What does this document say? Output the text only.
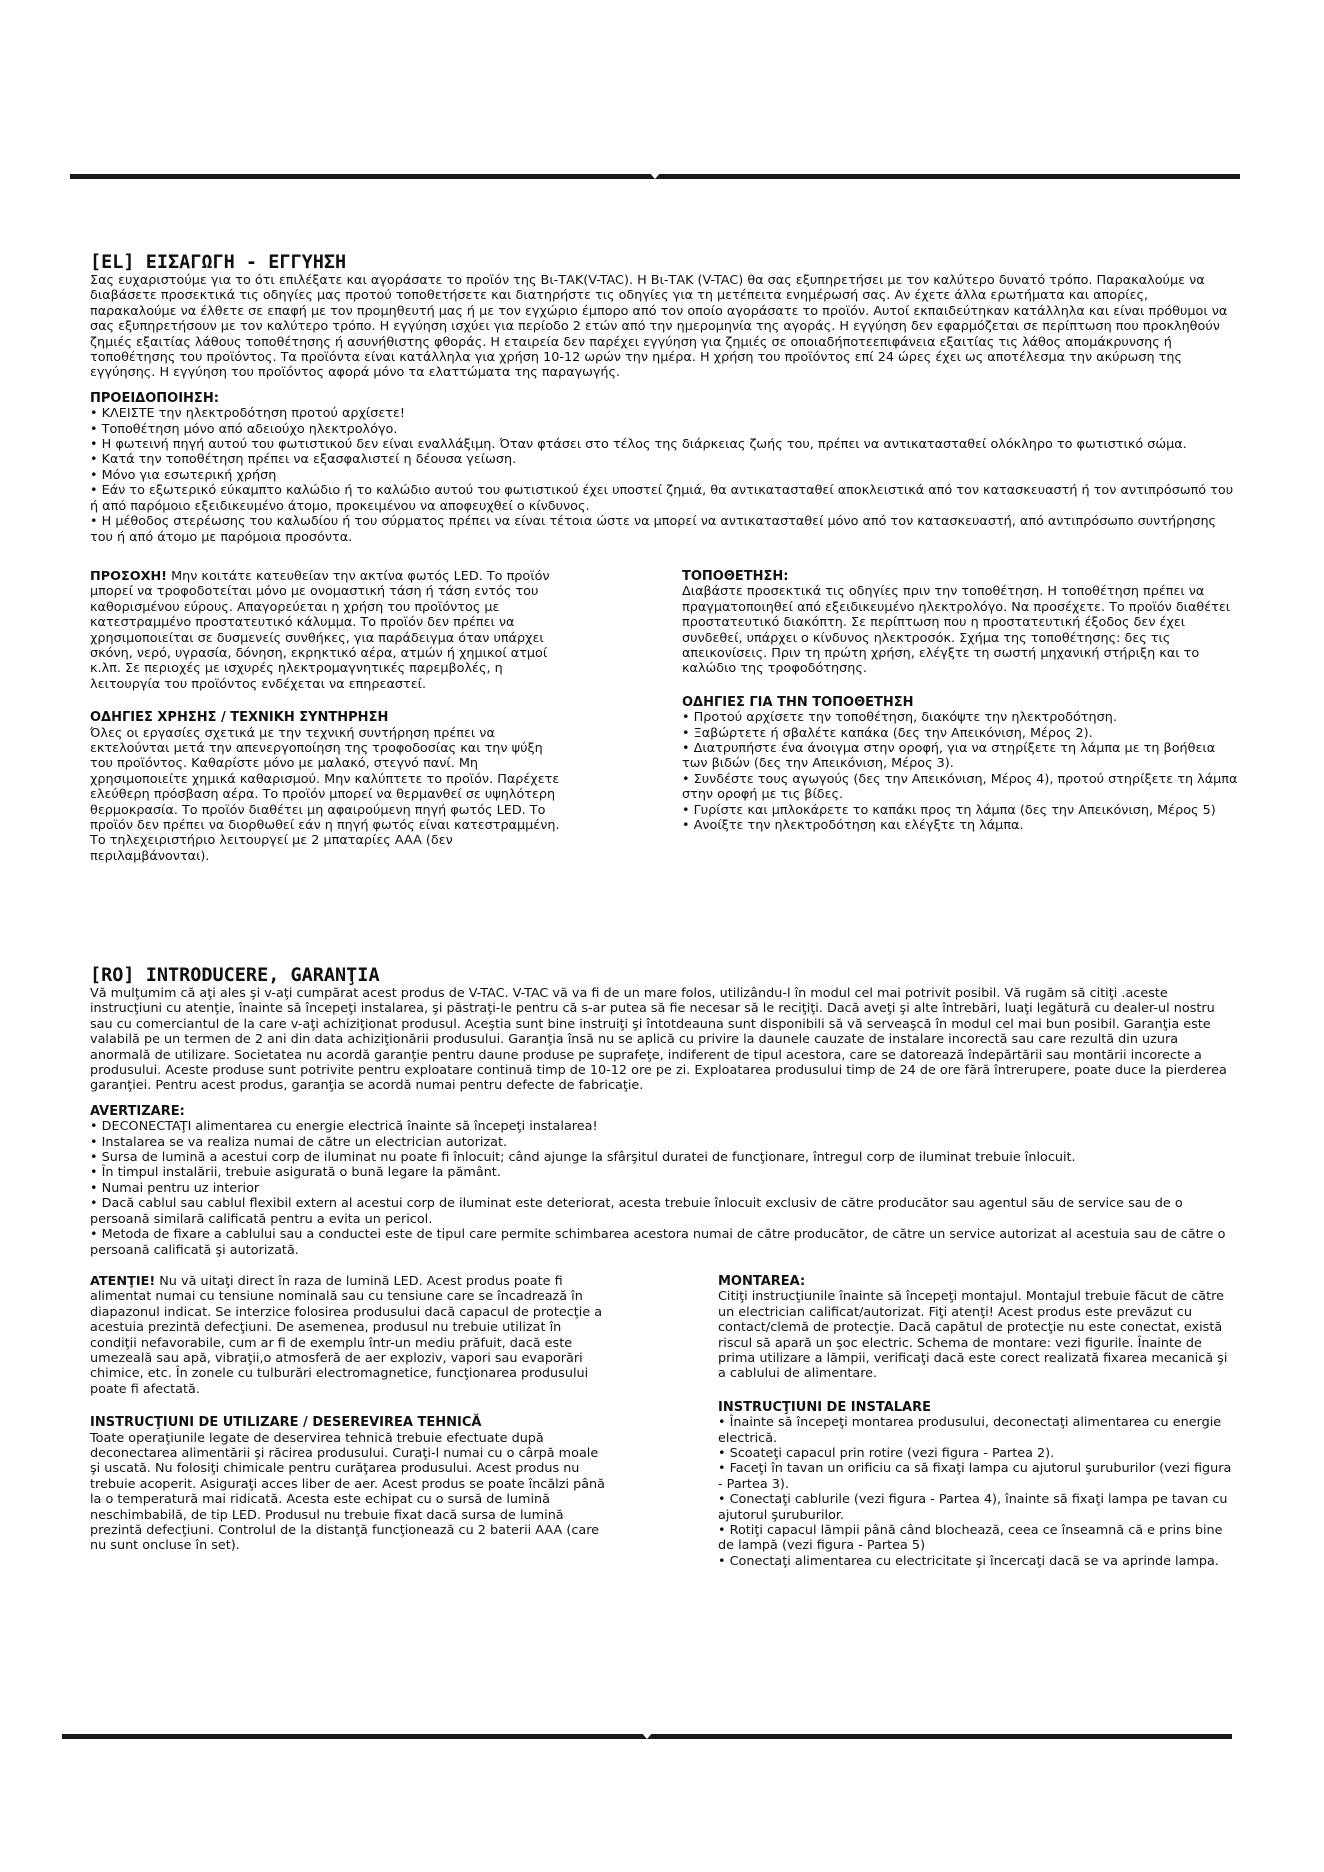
[EL] ΕΙΣΑΓΩΓΗ - ΕΓΓΥΗΣΗ

Σας ευχαριστούμε για το ότι επιλέξατε και αγοράσατε το προϊόν της Βι-ΤΑΚ(V-TAC). Η Βι-ΤΑΚ (V-TAC) θα σας εξυπηρετήσει με τον καλύτερο δυνατό τρόπο. Παρακαλούμε να διαβάσετε προσεκτικά τις οδηγίες μας προτού τοποθετήσετε και διατηρήστε τις οδηγίες για τη μετέπειτα ενημέρωσή σας. Αν έχετε άλλα ερωτήματα και απορίες, παρακαλούμε να έλθετε σε επαφή με τον προμηθευτή μας ή με τον εγχώριο έμπορο από τον οποίο αγοράσατε το προϊόν. Αυτοί εκπαιδεύτηκαν κατάλληλα και είναι πρόθυμοι να σας εξυπηρετήσουν με τον καλύτερο τρόπο. Η εγγύηση ισχύει για περίοδο 2 ετών από την ημερομηνία της αγοράς. Η εγγύηση δεν εφαρμόζεται σε περίπτωση που προκληθούν ζημιές εξαιτίας λάθους τοποθέτησης ή ασυνήθιστης φθοράς. Η εταιρεία δεν παρέχει εγγύηση για ζημιές σε οποιαδήποτεεπιφάνεια εξαιτίας τις λάθος απομάκρυνσης ή τοποθέτησης του προϊόντος. Τα προϊόντα είναι κατάλληλα για χρήση 10-12 ωρών την ημέρα. Η χρήση του προϊόντος επί 24 ώρες έχει ως αποτέλεσμα την ακύρωση της εγγύησης. Η εγγύηση του προϊόντος αφορά μόνο τα ελαττώματα της παραγωγής.

ΠΡΟΕΙΔΟΠΟΙΗΣΗ:

• ΚΛΕΙΣΤΕ την ηλεκτροδότηση προτού αρχίσετε!

• Τοποθέτηση μόνο από αδειούχο ηλεκτρολόγο.

• Η φωτεινή πηγή αυτού του φωτιστικού δεν είναι εναλλάξιμη. Όταν φτάσει στο τέλος της διάρκειας ζωής του, πρέπει να αντικατασταθεί ολόκληρο το φωτιστικό σώμα.

• Κατά την τοποθέτηση πρέπει να εξασφαλιστεί η δέουσα γείωση.

• Μόνο για εσωτερική χρήση

• Εάν το εξωτερικό εύκαμπτο καλώδιο ή το καλώδιο αυτού του φωτιστικού έχει υποστεί ζημιά, θα αντικατασταθεί αποκλειστικά από τον κατασκευαστή ή τον αντιπρόσωπό του ή από παρόμοιο εξειδικευμένο άτομο, προκειμένου να αποφευχθεί ο κίνδυνος.

• Η μέθοδος στερέωσης του καλωδίου ή του σύρματος πρέπει να είναι τέτοια ώστε να μπορεί να αντικατασταθεί μόνο από τον κατασκευαστή, από αντιπρόσωπο συντήρησης του ή από άτομο με παρόμοια προσόντα.

ΠΡΟΣΟΧΗ! Μην κοιτάτε κατευθείαν την ακτίνα φωτός LED. Το προϊόν μπορεί να τροφοδοτείται μόνο με ονομαστική τάση ή τάση εντός του καθορισμένου εύρους. Απαγορεύεται η χρήση του προϊόντος με κατεστραμμένο προστατευτικό κάλυμμα. Το προϊόν δεν πρέπει να χρησιμοποιείται σε δυσμενείς συνθήκες, για παράδειγμα όταν υπάρχει σκόνη, νερό, υγρασία, δόνηση, εκρηκτικό αέρα, ατμών ή χημικοί ατμοί κ.λπ. Σε περιοχές με ισχυρές ηλεκτρομαγνητικές παρεμβολές, η λειτουργία του προϊόντος ενδέχεται να επηρεαστεί.

ΟΔΗΓΙΕΣ ΧΡΗΣΗΣ / ΤΕΧΝΙΚΗ ΣΥΝΤΗΡΗΣΗ

Όλες οι εργασίες σχετικά με την τεχνική συντήρηση πρέπει να εκτελούνται μετά την απενεργοποίηση της τροφοδοσίας και την ψύξη του προϊόντος. Καθαρίστε μόνο με μαλακό, στεγνό πανί. Μη χρησιμοποιείτε χημικά καθαρισμού. Μην καλύπτετε το προϊόν. Παρέχετε ελεύθερη πρόσβαση αέρα. Το προϊόν μπορεί να θερμανθεί σε υψηλότερη θερμοκρασία. Το προϊόν διαθέτει μη αφαιρούμενη πηγή φωτός LED. Το προϊόν δεν πρέπει να διορθωθεί εάν η πηγή φωτός είναι κατεστραμμένη. Το τηλεχειριστήριο λειτουργεί με 2 μπαταρίες AAA (δεν περιλαμβάνονται).

ΤΟΠΟΘΕΤΗΣΗ:

Διαβάστε προσεκτικά τις οδηγίες πριν την τοποθέτηση. Η τοποθέτηση πρέπει να πραγματοποιηθεί από εξειδικευμένο ηλεκτρολόγο. Να προσέχετε. Το προϊόν διαθέτει προστατευτικό διακόπτη. Σε περίπτωση που η προστατευτική έξοδος δεν έχει συνδεθεί, υπάρχει ο κίνδυνος ηλεκτροσόκ. Σχήμα της τοποθέτησης: δες τις απεικονίσεις. Πριν τη πρώτη χρήση, ελέγξτε τη σωστή μηχανική στήριξη και το καλώδιο της τροφοδότησης.

ΟΔΗΓΙΕΣ ΓΙΑ ΤΗΝ ΤΟΠΟΘΕΤΗΣΗ

• Προτού αρχίσετε την τοποθέτηση, διακόψτε την ηλεκτροδότηση.

• Ξαβώρτετε ή σβαλέτε καπάκα (δες την Απεικόνιση, Μέρος 2).

• Διατρυπήστε ένα άνοιγμα στην οροφή, για να στηρίξετε τη λάμπα με τη βοήθεια των βιδών (δες την Απεικόνιση, Μέρος 3).

• Συνδέστε τους αγωγούς (δες την Απεικόνιση, Μέρος 4), προτού στηρίξετε τη λάμπα στην οροφή με τις βίδες.

• Γυρίστε και μπλοκάρετε το καπάκι προς τη λάμπα (δες την Απεικόνιση, Μέρος 5)

• Ανοίξτε την ηλεκτροδότηση και ελέγξτε τη λάμπα.

[RO] INTRODUCERE, GARANŢIA

Vă mulţumim că aţi ales şi v-aţi cumpărat acest produs de V-TAC. V-TAC vă va fi de un mare folos, utilizându-l în modul cel mai potrivit posibil. Vă rugăm să citiţi .aceste instrucţiuni cu atenţie, înainte să începeţi instalarea, şi păstraţi-le pentru că s-ar putea să fie necesar să le reciţiţi. Dacă aveţi şi alte întrebări, luaţi legătură cu dealer-ul nostru sau cu comerciantul de la care v-aţi achiziţionat produsul. Aceştia sunt bine instruiţi şi întotdeauna sunt disponibili să vă serveaşcă în modul cel mai bun posibil. Garanţia este valabilă pe un termen de 2 ani din data achiziţionării produsului. Garanţia însă nu se aplică cu privire la daunele cauzate de instalare incorectă sau care rezultă din uzura anormală de utilizare. Societatea nu acordă garanţie pentru daune produse pe suprafeţe, indiferent de tipul acestora, care se datorează îndepărtării sau montării incorecte a produsului. Aceste produse sunt potrivite pentru exploatare continuă timp de 10-12 ore pe zi. Exploatarea produsului timp de 24 de ore fără întrerupere, poate duce la pierderea garanţiei. Pentru acest produs, garanţia se acordă numai pentru defecte de fabricaţie.

AVERTIZARE:

• DECONECTAŢI alimentarea cu energie electrică înainte să începeţi instalarea!

• Instalarea se va realiza numai de către un electrician autorizat.

• Sursa de lumină a acestui corp de iluminat nu poate fi înlocuit; când ajunge la sfârşitul duratei de funcţionare, întregul corp de iluminat trebuie înlocuit.

• În timpul instalării, trebuie asigurată o bună legare la pământ.

• Numai pentru uz interior

• Dacă cablul sau cablul flexibil extern al acestui corp de iluminat este deteriorat, acesta trebuie înlocuit exclusiv de către producător sau agentul său de service sau de o persoană similară calificată pentru a evita un pericol.

• Metoda de fixare a cablului sau a conductei este de tipul care permite schimbarea acestora numai de către producător, de către un service autorizat al acestuia sau de către o persoană calificată şi autorizată.

ATENŢIE! Nu vă uitaţi direct în raza de lumină LED. Acest produs poate fi alimentat numai cu tensiune nominală sau cu tensiune care se încadrează în diapazonul indicat. Se interzice folosirea produsului dacă capacul de protecţie a acestuia prezintă defecţiuni. De asemenea, produsul nu trebuie utilizat în condiţii nefavorabile, cum ar fi de exemplu într-un mediu prăfuit, dacă este umezeală sau apă, vibraţii,o atmosferă de aer exploziv, vapori sau evaporări chimice, etc. În zonele cu tulburări electromagnetice, funcţionarea produsului poate fi afectată.

INSTRUCŢIUNI DE UTILIZARE / DESEREVIREA TEHNICĂ

Toate operaţiunile legate de deservirea tehnică trebuie efectuate după deconectarea alimentării şi răcirea produsului. Curaţi-l numai cu o cârpă moale şi uscată. Nu folosiţi chimicale pentru curăţarea produsului. Acest produs nu trebuie acoperit. Asiguraţi acces liber de aer. Acest produs se poate încălzi până la o temperatură mai ridicată. Acesta este echipat cu o sursă de lumină neschimbabilă, de tip LED. Produsul nu trebuie fixat dacă sursa de lumină prezintă defecţiuni. Controlul de la distanţă funcţionează cu 2 baterii AAA (care nu sunt oncluse în set).

MONTAREA:

Citiţi instrucţiunile înainte să începeţi montajul. Montajul trebuie făcut de către un electrician calificat/autorizat. Fiţi atenţi! Acest produs este prevăzut cu contact/clemă de protecţie. Dacă capătul de protecţie nu este conectat, există riscul să apară un şoc electric. Schema de montare: vezi figurile. Înainte de prima utilizare a lămpii, verificaţi dacă este corect realizată fixarea mecanică şi a cablului de alimentare.

INSTRUCŢIUNI DE INSTALARE

• Înainte să începeţi montarea produsului, deconectaţi alimentarea cu energie electrică.

• Scoateţi capacul prin rotire (vezi figura - Partea 2).

• Faceţi în tavan un orificiu ca să fixaţi lampa cu ajutorul şuruburilor (vezi figura - Partea 3).

• Conectaţi cablurile (vezi figura - Partea 4), înainte să fixaţi lampa pe tavan cu ajutorul şuruburilor.

• Rotiţi capacul lămpii până când blochează, ceea ce înseamnă că e prins bine de lampă (vezi figura - Partea 5)

• Conectaţi alimentarea cu electricitate şi încercaţi dacă se va aprinde lampa.
